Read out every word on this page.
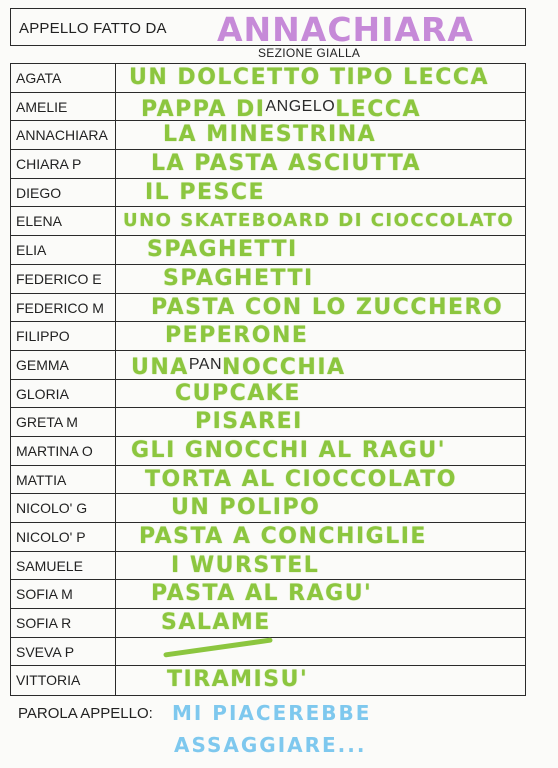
APPELLO FATTO DA ANNACHIARA
SEZIONE GIALLA
AGATA	UN DOLCETTO TIPO LECCA
AMELIE	PAPPA $DI^{ANGELO}LECCA$
ANNACHIARA	LA MINESTRINA
CHIARA P	LA PASTA ASCIUTTA
DIEGO	IL PESCE
ELENA	UNO SKATEBOARD DI CIOCCOLATO
ELIA	SPAGHETTI
FEDERICO E	SPAGHETTI
FEDERICO M	PASTA CON LO ZUCCHERO
FILIPPO	PEPERONE
GEMMA	$UNA^{PAN}NOCCHIA$
GLORIA	CUPCAKE
GRETA M	PISAREI
MARTINA O	GLI GNOCCHI AL RAGU'
MATTIA	TORTA AL CIOCCOLATO
NICOLO' G	UN POLIPO
NICOLO' P	PASTA A CONCHIGLIE
SAMUELE	I WURSTEL
SOFIA M	PASTA AL RAGU'
SOFIA R	SALAME
SVEVA P
VITTORIA	TIRAMISU'
PAROLA APPELLO: MI PIACEREBBE
ASSAGGIARE...
